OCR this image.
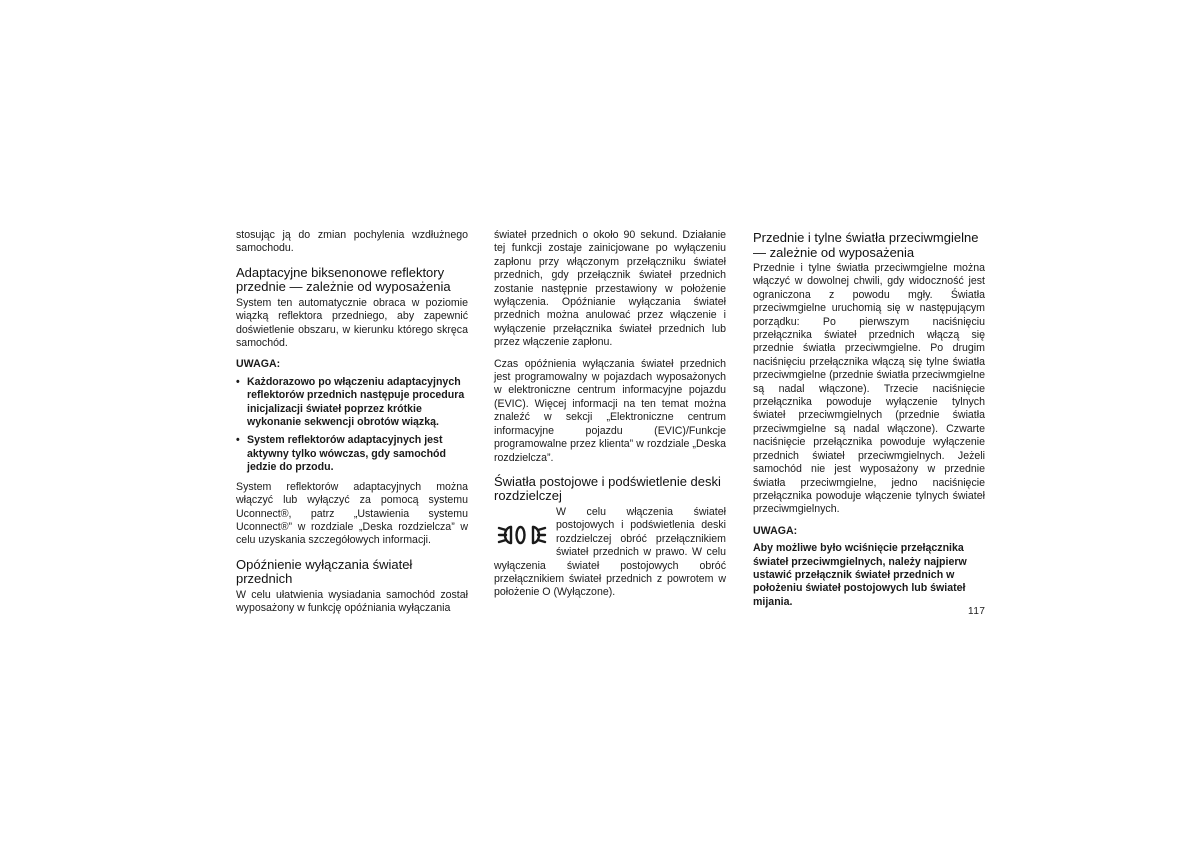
stosując ją do zmian pochylenia wzdłużnego samochodu.

Adaptacyjne biksenonowe reflektory przednie — zależnie od wyposażenia

System ten automatycznie obraca w poziomie wiązką reflektora przedniego, aby zapewnić doświetlenie obszaru, w kierunku którego skręca samochód.

UWAGA:
• Każdorazowo po włączeniu adaptacyjnych reflektorów przednich następuje procedura inicjalizacji świateł poprzez krótkie wykonanie sekwencji obrotów wiązką.
• System reflektorów adaptacyjnych jest aktywny tylko wówczas, gdy samochód jedzie do przodu.

System reflektorów adaptacyjnych można włączyć lub wyłączyć za pomocą systemu Uconnect®, patrz „Ustawienia systemu Uconnect®” w rozdziale „Deska rozdzielcza” w celu uzyskania szczegółowych informacji.

Opóźnienie wyłączania świateł przednich

W celu ułatwienia wysiadania samochód został wyposażony w funkcję opóźniania wyłączania

świateł przednich o około 90 sekund. Działanie tej funkcji zostaje zainicjowane po wyłączeniu zapłonu przy włączonym przełączniku świateł przednich, gdy przełącznik świateł przednich zostanie następnie przestawiony w położenie wyłączenia. Opóźnianie wyłączania świateł przednich można anulować przez włączenie i wyłączenie przełącznika świateł przednich lub przez włączenie zapłonu.

Czas opóźnienia wyłączania świateł przednich jest programowalny w pojazdach wyposażonych w elektroniczne centrum informacyjne pojazdu (EVIC). Więcej informacji na ten temat można znaleźć w sekcji „Elektroniczne centrum informacyjne pojazdu (EVIC)/Funkcje programowalne przez klienta” w rozdziale „Deska rozdzielcza”.

Światła postojowe i podświetlenie deski rozdzielczej

W celu włączenia świateł postojowych i podświetlenia deski rozdzielczej obróć przełącznikiem świateł przednich w prawo. W celu wyłączenia świateł postojowych obróć przełącznikiem świateł przednich z powrotem w położenie O (Wyłączone).

Przednie i tylne światła przeciwmgielne — zależnie od wyposażenia

Przednie i tylne światła przeciwmgielne można włączyć w dowolnej chwili, gdy widoczność jest ograniczona z powodu mgły. Światła przeciwmgielne uruchomią się w następującym porządku: Po pierwszym naciśnięciu przełącznika świateł przednich włączą się przednie światła przeciwmgielne. Po drugim naciśnięciu przełącznika włączą się tylne światła przeciwmgielne (przednie światła przeciwmgielne są nadal włączone). Trzecie naciśnięcie przełącznika powoduje wyłączenie tylnych świateł przeciwmgielnych (przednie światła przeciwmgielne są nadal włączone). Czwarte naciśnięcie przełącznika powoduje wyłączenie przednich świateł przeciwmgielnych. Jeżeli samochód nie jest wyposażony w przednie światła przeciwmgielne, jedno naciśnięcie przełącznika powoduje włączenie tylnych świateł przeciwmgielnych.

UWAGA:

Aby możliwe było wciśnięcie przełącznika świateł przeciwmgielnych, należy najpierw ustawić przełącznik świateł przednich w położeniu świateł postojowych lub świateł mijania.

117
